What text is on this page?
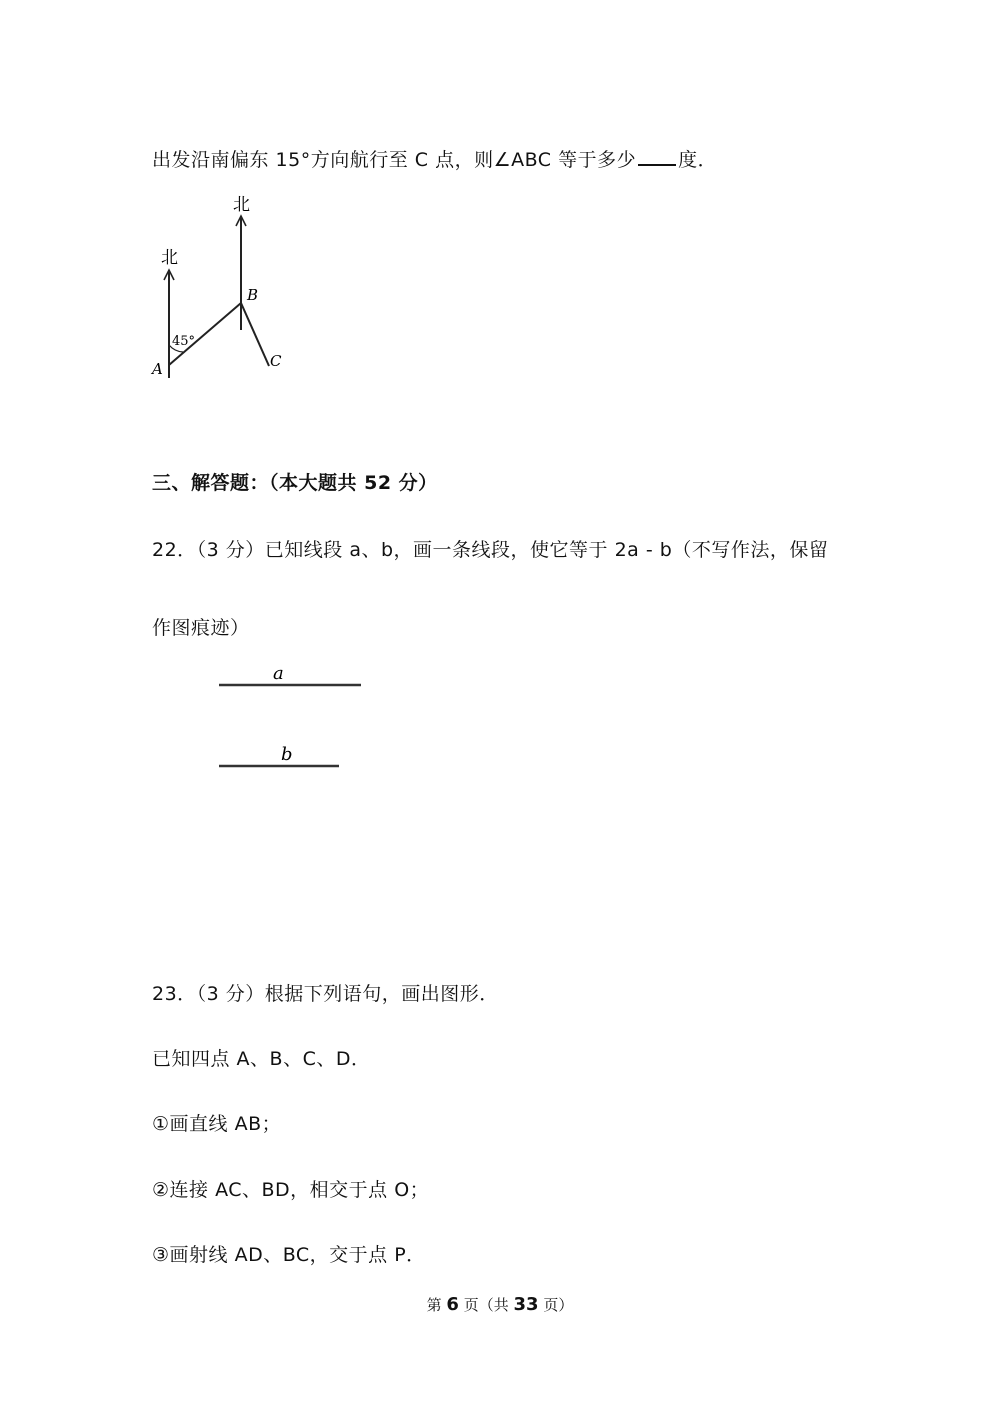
出发沿南偏东 15°方向航行至 C 点，则∠ABC 等于多少 度．
北
北
45°
A
B
C
三、解答题：（本大题共 52 分）
22．（3 分）已知线段 a、b，画一条线段，使它等于 2a - b（不写作法，保留
作图痕迹）
a
b
23．（3 分）根据下列语句，画出图形．
已知四点 A、B、C、D．
①画直线 AB；
②连接 AC、BD，相交于点 O；
③画射线 AD、BC，交于点 P．
第 6 页（共 33 页）
